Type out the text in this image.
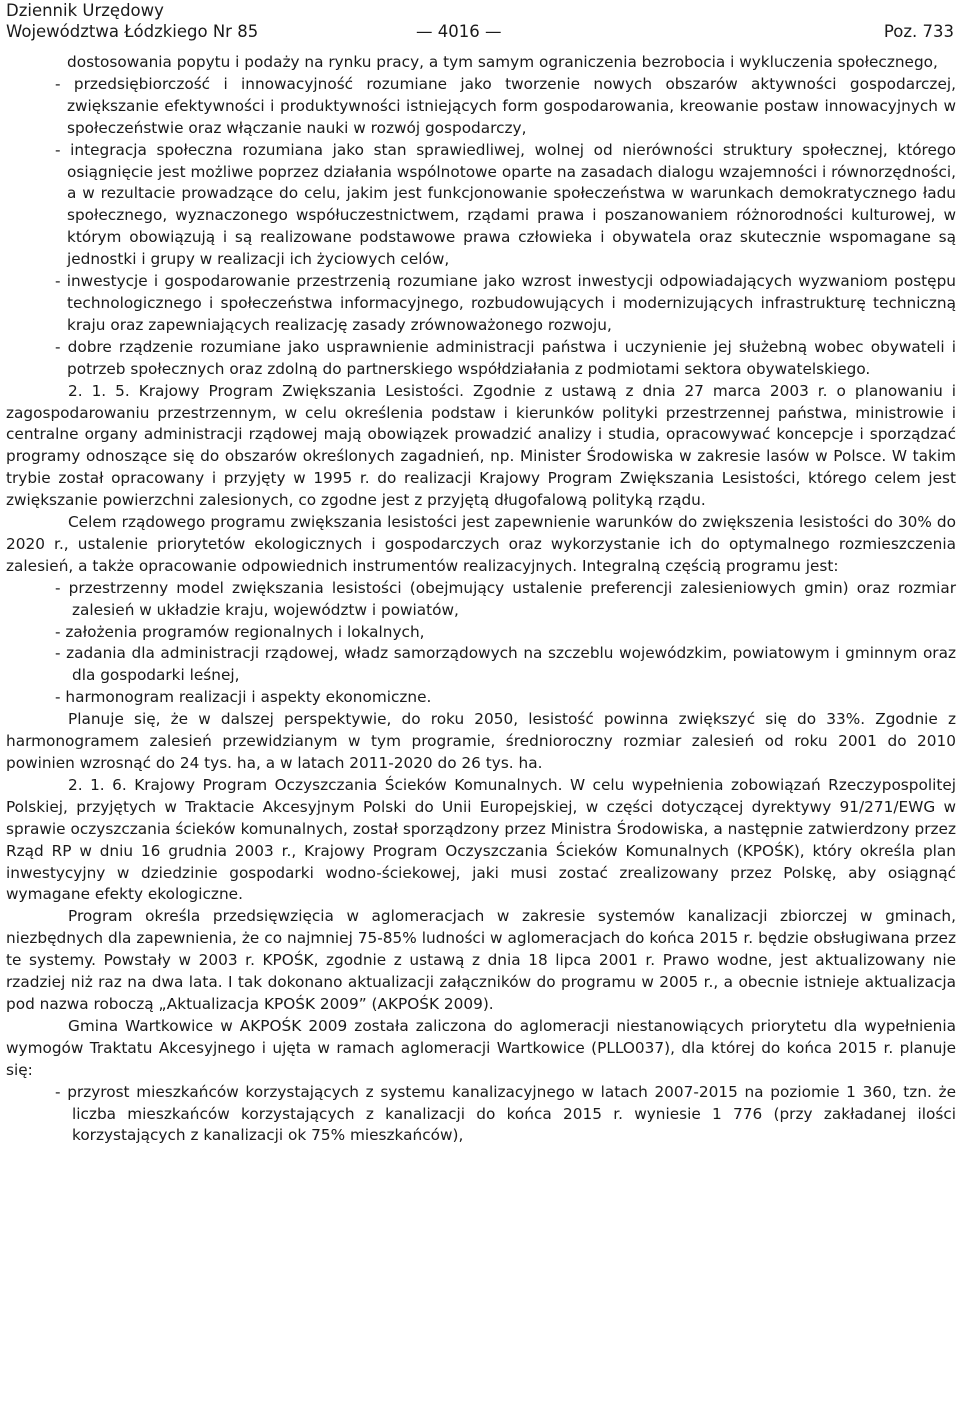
Dziennik Urzędowy
Województwa Łódzkiego Nr 85	— 4016 —	Poz. 733

dostosowania popytu i podaży na rynku pracy, a tym samym ograniczenia bezrobocia i wykluczenia społecznego,

- przedsiębiorczość i innowacyjność rozumiane jako tworzenie nowych obszarów aktywności gospodarczej, zwiększanie efektywności i produktywności istniejących form gospodarowania, kreowanie postaw innowacyjnych w społeczeństwie oraz włączanie nauki w rozwój gospodarczy,

- integracja społeczna rozumiana jako stan sprawiedliwej, wolnej od nierówności struktury społecznej, którego osiągnięcie jest możliwe poprzez działania wspólnotowe oparte na zasadach dialogu wzajemności i równorzędności, a w rezultacie prowadzące do celu, jakim jest funkcjonowanie społeczeństwa w warunkach demokratycznego ładu społecznego, wyznaczonego współuczestnictwem, rządami prawa i poszanowaniem różnorodności kulturowej, w którym obowiązują i są realizowane podstawowe prawa człowieka i obywatela oraz skutecznie wspomagane są jednostki i grupy w realizacji ich życiowych celów,

- inwestycje i gospodarowanie przestrzenią rozumiane jako wzrost inwestycji odpowiadających wyzwaniom postępu technologicznego i społeczeństwa informacyjnego, rozbudowujących i modernizujących infrastrukturę techniczną kraju oraz zapewniających realizację zasady zrównoważonego rozwoju,

- dobre rządzenie rozumiane jako usprawnienie administracji państwa i uczynienie jej służebną wobec obywateli i potrzeb społecznych oraz zdolną do partnerskiego współdziałania z podmiotami sektora obywatelskiego.

2. 1. 5. Krajowy Program Zwiększania Lesistości. Zgodnie z ustawą z dnia 27 marca 2003 r. o planowaniu i zagospodarowaniu przestrzennym, w celu określenia podstaw i kierunków polityki przestrzennej państwa, ministrowie i centralne organy administracji rządowej mają obowiązek prowadzić analizy i studia, opracowywać koncepcje i sporządzać programy odnoszące się do obszarów określonych zagadnień, np. Minister Środowiska w zakresie lasów w Polsce. W takim trybie został opracowany i przyjęty w 1995 r. do realizacji Krajowy Program Zwiększania Lesistości, którego celem jest zwiększanie powierzchni zalesionych, co zgodne jest z przyjętą długofalową polityką rządu.

Celem rządowego programu zwiększania lesistości jest zapewnienie warunków do zwiększenia lesistości do 30% do 2020 r., ustalenie priorytetów ekologicznych i gospodarczych oraz wykorzystanie ich do optymalnego rozmieszczenia zalesień, a także opracowanie odpowiednich instrumentów realizacyjnych. Integralną częścią programu jest:

- przestrzenny model zwiększania lesistości (obejmujący ustalenie preferencji zalesieniowych gmin) oraz rozmiar zalesień w układzie kraju, województw i powiatów,

- założenia programów regionalnych i lokalnych,

- zadania dla administracji rządowej, władz samorządowych na szczeblu wojewódzkim, powiatowym i gminnym oraz dla gospodarki leśnej,

- harmonogram realizacji i aspekty ekonomiczne.

Planuje się, że w dalszej perspektywie, do roku 2050, lesistość powinna zwiększyć się do 33%. Zgodnie z harmonogramem zalesień przewidzianym w tym programie, średnioroczny rozmiar zalesień od roku 2001 do 2010 powinien wzrosnąć do 24 tys. ha, a w latach 2011-2020 do 26 tys. ha.

2. 1. 6. Krajowy Program Oczyszczania Ścieków Komunalnych. W celu wypełnienia zobowiązań Rzeczypospolitej Polskiej, przyjętych w Traktacie Akcesyjnym Polski do Unii Europejskiej, w części dotyczącej dyrektywy 91/271/EWG w sprawie oczyszczania ścieków komunalnych, został sporządzony przez Ministra Środowiska, a następnie zatwierdzony przez Rząd RP w dniu 16 grudnia 2003 r., Krajowy Program Oczyszczania Ścieków Komunalnych (KPOŚK), który określa plan inwestycyjny w dziedzinie gospodarki wodno-ściekowej, jaki musi zostać zrealizowany przez Polskę, aby osiągnąć wymagane efekty ekologiczne.

Program określa przedsięwzięcia w aglomeracjach w zakresie systemów kanalizacji zbiorczej w gminach, niezbędnych dla zapewnienia, że co najmniej 75-85% ludności w aglomeracjach do końca 2015 r. będzie obsługiwana przez te systemy. Powstały w 2003 r. KPOŚK, zgodnie z ustawą z dnia 18 lipca 2001 r. Prawo wodne, jest aktualizowany nie rzadziej niż raz na dwa lata. I tak dokonano aktualizacji załączników do programu w 2005 r., a obecnie istnieje aktualizacja pod nazwa roboczą „Aktualizacja KPOŚK 2009” (AKPOŚK 2009).

Gmina Wartkowice w AKPOŚK 2009 została zaliczona do aglomeracji niestanowiących priorytetu dla wypełnienia wymogów Traktatu Akcesyjnego i ujęta w ramach aglomeracji Wartkowice (PLLO037), dla której do końca 2015 r. planuje się:

- przyrost mieszkańców korzystających z systemu kanalizacyjnego w latach 2007-2015 na poziomie 1 360, tzn. że liczba mieszkańców korzystających z kanalizacji do końca 2015 r. wyniesie 1 776 (przy zakładanej ilości korzystających z kanalizacji ok 75% mieszkańców),
